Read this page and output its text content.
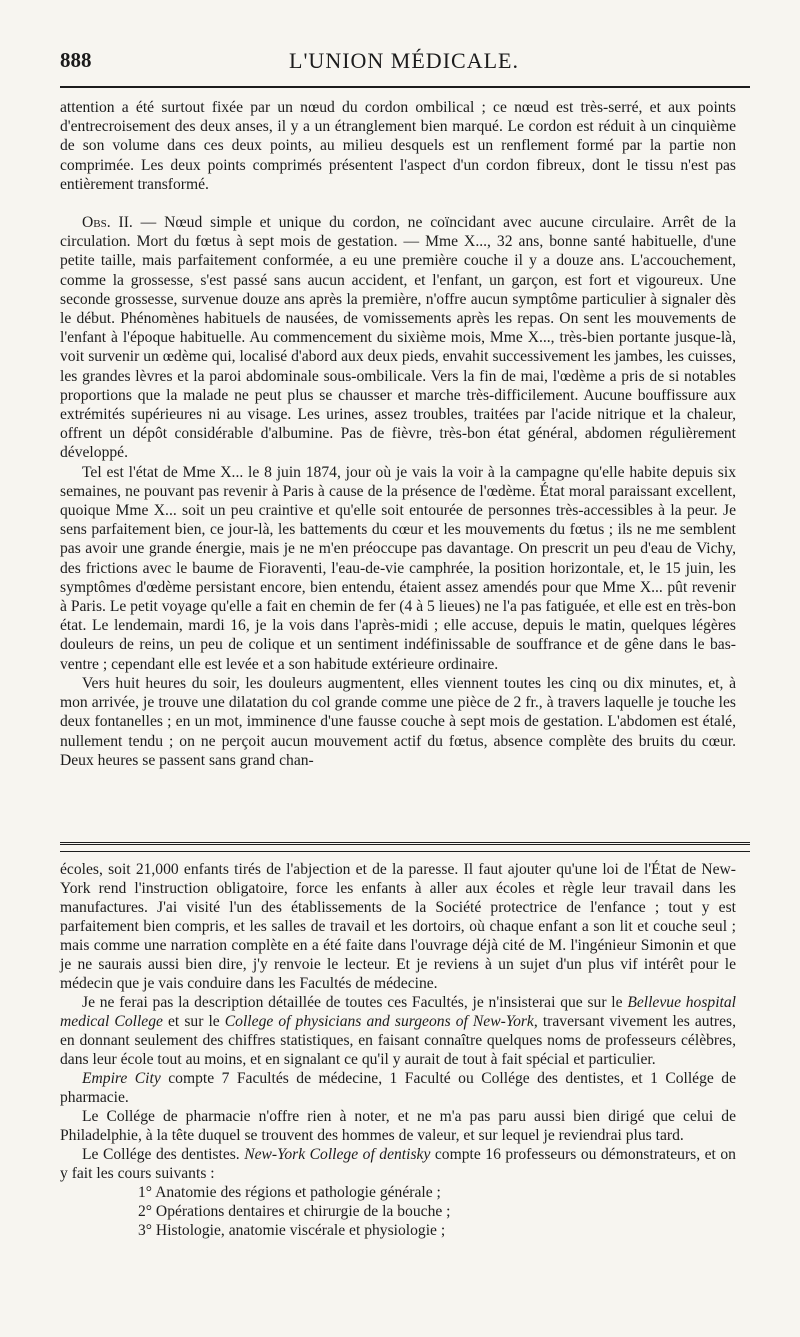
888	L'UNION MÉDICALE.

attention a été surtout fixée par un nœud du cordon ombilical ; ce nœud est très-serré, et aux points d'entrecroisement des deux anses, il y a un étranglement bien marqué. Le cordon est réduit à un cinquième de son volume dans ces deux points, au milieu desquels est un renflement formé par la partie non comprimée. Les deux points comprimés présentent l'aspect d'un cordon fibreux, dont le tissu n'est pas entièrement transformé.

Obs. II. — Nœud simple et unique du cordon, ne coïncidant avec aucune circulaire. Arrêt de la circulation. Mort du fœtus à sept mois de gestation. — Mme X..., 32 ans, bonne santé habituelle, d'une petite taille, mais parfaitement conformée, a eu une première couche il y a douze ans. L'accouchement, comme la grossesse, s'est passé sans aucun accident, et l'enfant, un garçon, est fort et vigoureux. Une seconde grossesse, survenue douze ans après la première, n'offre aucun symptôme particulier à signaler dès le début. Phénomènes habituels de nausées, de vomissements après les repas. On sent les mouvements de l'enfant à l'époque habituelle. Au commencement du sixième mois, Mme X..., très-bien portante jusque-là, voit survenir un œdème qui, localisé d'abord aux deux pieds, envahit successivement les jambes, les cuisses, les grandes lèvres et la paroi abdominale sous-ombilicale. Vers la fin de mai, l'œdème a pris de si notables proportions que la malade ne peut plus se chausser et marche très-difficilement. Aucune bouffissure aux extrémités supérieures ni au visage. Les urines, assez troubles, traitées par l'acide nitrique et la chaleur, offrent un dépôt considérable d'albumine. Pas de fièvre, très-bon état général, abdomen régulièrement développé.

Tel est l'état de Mme X... le 8 juin 1874, jour où je vais la voir à la campagne qu'elle habite depuis six semaines, ne pouvant pas revenir à Paris à cause de la présence de l'œdème. État moral paraissant excellent, quoique Mme X... soit un peu craintive et qu'elle soit entourée de personnes très-accessibles à la peur. Je sens parfaitement bien, ce jour-là, les battements du cœur et les mouvements du fœtus ; ils ne me semblent pas avoir une grande énergie, mais je ne m'en préoccupe pas davantage. On prescrit un peu d'eau de Vichy, des frictions avec le baume de Fioraventi, l'eau-de-vie camphrée, la position horizontale, et, le 15 juin, les symptômes d'œdème persistant encore, bien entendu, étaient assez amendés pour que Mme X... pût revenir à Paris. Le petit voyage qu'elle a fait en chemin de fer (4 à 5 lieues) ne l'a pas fatiguée, et elle est en très-bon état. Le lendemain, mardi 16, je la vois dans l'après-midi ; elle accuse, depuis le matin, quelques légères douleurs de reins, un peu de colique et un sentiment indéfinissable de souffrance et de gêne dans le bas-ventre ; cependant elle est levée et a son habitude extérieure ordinaire.

Vers huit heures du soir, les douleurs augmentent, elles viennent toutes les cinq ou dix minutes, et, à mon arrivée, je trouve une dilatation du col grande comme une pièce de 2 fr., à travers laquelle je touche les deux fontanelles ; en un mot, imminence d'une fausse couche à sept mois de gestation. L'abdomen est étalé, nullement tendu ; on ne perçoit aucun mouvement actif du fœtus, absence complète des bruits du cœur. Deux heures se passent sans grand chan-

écoles, soit 21,000 enfants tirés de l'abjection et de la paresse. Il faut ajouter qu'une loi de l'État de New-York rend l'instruction obligatoire, force les enfants à aller aux écoles et règle leur travail dans les manufactures. J'ai visité l'un des établissements de la Société protectrice de l'enfance ; tout y est parfaitement bien compris, et les salles de travail et les dortoirs, où chaque enfant a son lit et couche seul ; mais comme une narration complète en a été faite dans l'ouvrage déjà cité de M. l'ingénieur Simonin et que je ne saurais aussi bien dire, j'y renvoie le lecteur. Et je reviens à un sujet d'un plus vif intérêt pour le médecin que je vais conduire dans les Facultés de médecine.

Je ne ferai pas la description détaillée de toutes ces Facultés, je n'insisterai que sur le Bellevue hospital medical College et sur le College of physicians and surgeons of New-York, traversant vivement les autres, en donnant seulement des chiffres statistiques, en faisant connaître quelques noms de professeurs célèbres, dans leur école tout au moins, et en signalant ce qu'il y aurait de tout à fait spécial et particulier.

Empire City compte 7 Facultés de médecine, 1 Faculté ou Collége des dentistes, et 1 Collége de pharmacie.

Le Collége de pharmacie n'offre rien à noter, et ne m'a pas paru aussi bien dirigé que celui de Philadelphie, à la tête duquel se trouvent des hommes de valeur, et sur lequel je reviendrai plus tard.

Le Collége des dentistes. New-York College of dentisky compte 16 professeurs ou démonstrateurs, et on y fait les cours suivants :

1° Anatomie des régions et pathologie générale ;

2° Opérations dentaires et chirurgie de la bouche ;

3° Histologie, anatomie viscérale et physiologie ;
